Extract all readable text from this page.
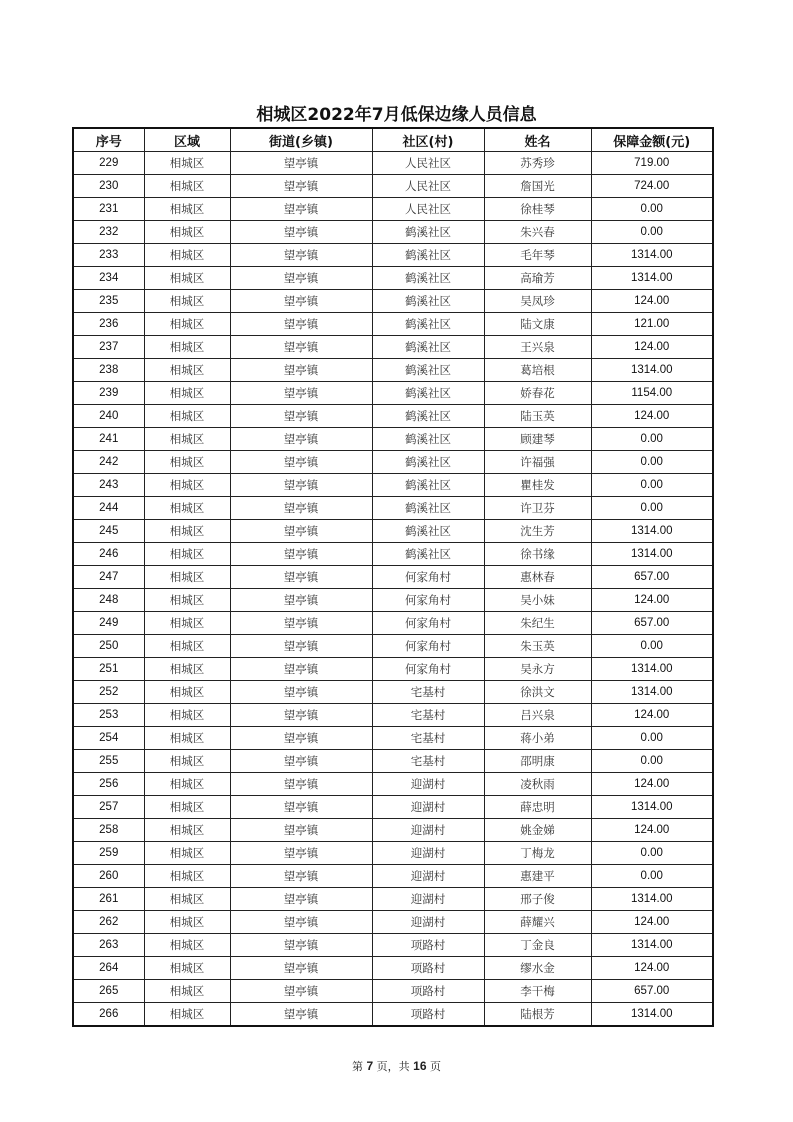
相城区2022年7月低保边缘人员信息
序号	区域	街道(乡镇)	社区(村)	姓名	保障金额(元)
229	相城区	望亭镇	人民社区	苏秀珍	719.00
230	相城区	望亭镇	人民社区	詹国光	724.00
231	相城区	望亭镇	人民社区	徐桂琴	0.00
232	相城区	望亭镇	鹤溪社区	朱兴春	0.00
233	相城区	望亭镇	鹤溪社区	毛年琴	1314.00
234	相城区	望亭镇	鹤溪社区	高瑜芳	1314.00
235	相城区	望亭镇	鹤溪社区	吴凤珍	124.00
236	相城区	望亭镇	鹤溪社区	陆文康	121.00
237	相城区	望亭镇	鹤溪社区	王兴泉	124.00
238	相城区	望亭镇	鹤溪社区	葛培根	1314.00
239	相城区	望亭镇	鹤溪社区	娇春花	1154.00
240	相城区	望亭镇	鹤溪社区	陆玉英	124.00
241	相城区	望亭镇	鹤溪社区	顾建琴	0.00
242	相城区	望亭镇	鹤溪社区	许福强	0.00
243	相城区	望亭镇	鹤溪社区	瞿桂发	0.00
244	相城区	望亭镇	鹤溪社区	许卫芬	0.00
245	相城区	望亭镇	鹤溪社区	沈生芳	1314.00
246	相城区	望亭镇	鹤溪社区	徐书缘	1314.00
247	相城区	望亭镇	何家角村	惠林春	657.00
248	相城区	望亭镇	何家角村	吴小妹	124.00
249	相城区	望亭镇	何家角村	朱纪生	657.00
250	相城区	望亭镇	何家角村	朱玉英	0.00
251	相城区	望亭镇	何家角村	吴永方	1314.00
252	相城区	望亭镇	宅基村	徐洪文	1314.00
253	相城区	望亭镇	宅基村	吕兴泉	124.00
254	相城区	望亭镇	宅基村	蒋小弟	0.00
255	相城区	望亭镇	宅基村	邵明康	0.00
256	相城区	望亭镇	迎湖村	凌秋雨	124.00
257	相城区	望亭镇	迎湖村	薛忠明	1314.00
258	相城区	望亭镇	迎湖村	姚金娣	124.00
259	相城区	望亭镇	迎湖村	丁梅龙	0.00
260	相城区	望亭镇	迎湖村	惠建平	0.00
261	相城区	望亭镇	迎湖村	邢子俊	1314.00
262	相城区	望亭镇	迎湖村	薛耀兴	124.00
263	相城区	望亭镇	项路村	丁金良	1314.00
264	相城区	望亭镇	项路村	缪水金	124.00
265	相城区	望亭镇	项路村	李干梅	657.00
266	相城区	望亭镇	项路村	陆根芳	1314.00
第 7 页，共 16 页
